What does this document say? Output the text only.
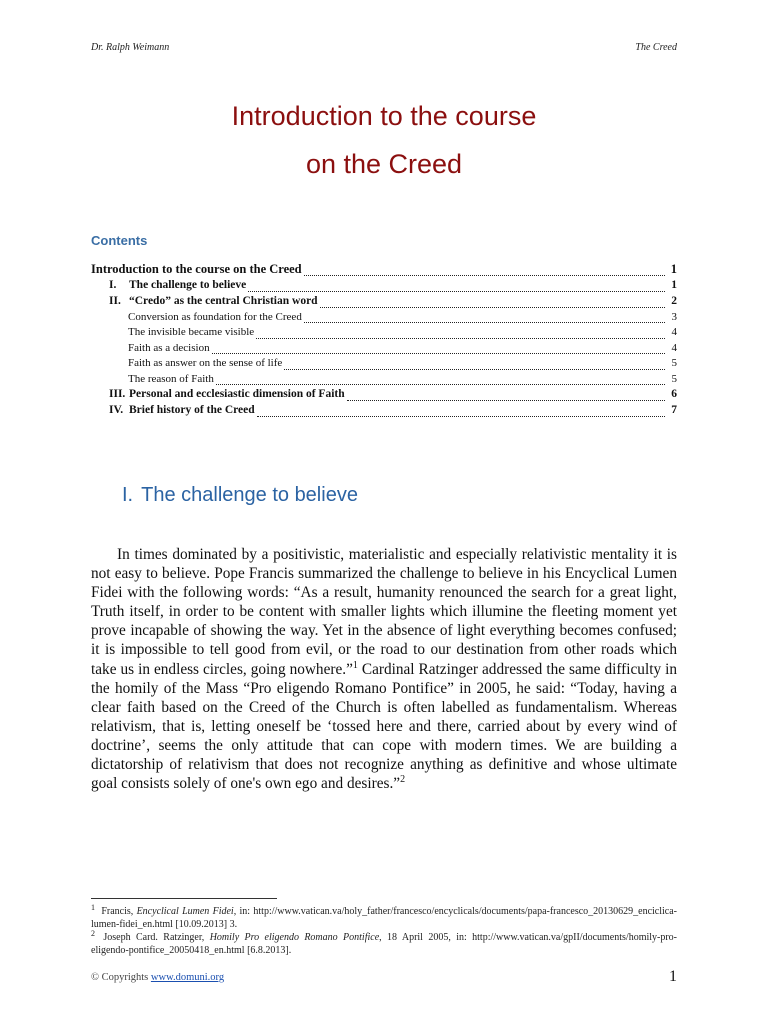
Dr. Ralph Weimann	The Creed
Introduction to the course
on the Creed
Contents
Introduction to the course on the Creed	1
I.	The challenge to believe	1
II. “Credo” as the central Christian word	2
Conversion as foundation for the Creed	3
The invisible became visible	4
Faith as a decision	4
Faith as answer on the sense of life	5
The reason of Faith	5
III. Personal and ecclesiastic dimension of Faith	6
IV. Brief history of the Creed	7
I. The challenge to believe

In times dominated by a positivistic, materialistic and especially relativistic mentality it is not easy to believe. Pope Francis summarized the challenge to believe in his Encyclical Lumen Fidei with the following words: “As a result, humanity renounced the search for a great light, Truth itself, in order to be content with smaller lights which illumine the fleeting moment yet prove incapable of showing the way. Yet in the absence of light everything becomes confused; it is impossible to tell good from evil, or the road to our destination from other roads which take us in endless circles, going nowhere.”$^1$ Cardinal Ratzinger addressed the same difficulty in the homily of the Mass “Pro eligendo Romano Pontifice” in 2005, he said: “Today, having a clear faith based on the Creed of the Church is often labelled as fundamentalism. Whereas relativism, that is, letting oneself be ‘tossed here and there, carried about by every wind of doctrine’, seems the only attitude that can cope with modern times. We are building a dictatorship of relativism that does not recognize anything as definitive and whose ultimate goal consists solely of one's own ego and desires.”$^2$

$^1$ Francis, Encyclical Lumen Fidei, in: http://www.vatican.va/holy_father/francesco/encyclicals/documents/papa-francesco_20130629_enciclica-lumen-fidei_en.html [10.09.2013] 3.
$^2$ Joseph Card. Ratzinger, Homily Pro eligendo Romano Pontifice, 18 April 2005, in: http://www.vatican.va/gpII/documents/homily-pro-eligendo-pontifice_20050418_en.html [6.8.2013].
© Copyrights www.domuni.org	1
